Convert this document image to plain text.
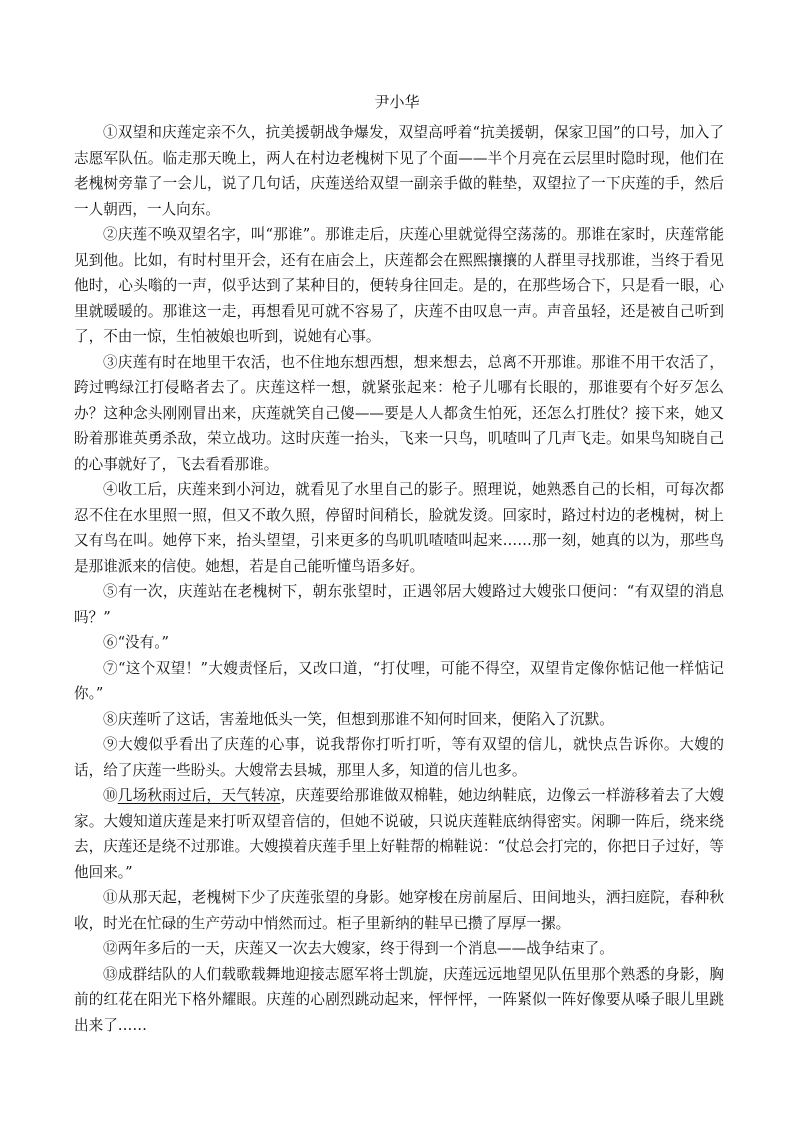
尹小华

①双望和庆莲定亲不久，抗美援朝战争爆发，双望高呼着“抗美援朝，保家卫国”的口号，加入了志愿军队伍。临走那天晚上，两人在村边老槐树下见了个面——半个月亮在云层里时隐时现，他们在老槐树旁靠了一会儿，说了几句话，庆莲送给双望一副亲手做的鞋垫，双望拉了一下庆莲的手，然后一人朝西，一人向东。

②庆莲不唤双望名字，叫“那谁”。那谁走后，庆莲心里就觉得空荡荡的。那谁在家时，庆莲常能见到他。比如，有时村里开会，还有在庙会上，庆莲都会在熙熙攘攘的人群里寻找那谁，当终于看见他时，心头嗡的一声，似乎达到了某种目的，便转身往回走。是的，在那些场合下，只是看一眼，心里就暖暖的。那谁这一走，再想看见可就不容易了，庆莲不由叹息一声。声音虽轻，还是被自己听到了，不由一惊，生怕被娘也听到，说她有心事。

③庆莲有时在地里干农活，也不住地东想西想，想来想去，总离不开那谁。那谁不用干农活了，跨过鸭绿江打侵略者去了。庆莲这样一想，就紧张起来：枪子儿哪有长眼的，那谁要有个好歹怎么办？这种念头刚刚冒出来，庆莲就笑自己傻——要是人人都贪生怕死，还怎么打胜仗？接下来，她又盼着那谁英勇杀敌，荣立战功。这时庆莲一抬头，飞来一只鸟，叽喳叫了几声飞走。如果鸟知晓自己的心事就好了，飞去看看那谁。

④收工后，庆莲来到小河边，就看见了水里自己的影子。照理说，她熟悉自己的长相，可每次都忍不住在水里照一照，但又不敢久照，停留时间稍长，脸就发烫。回家时，路过村边的老槐树，树上又有鸟在叫。她停下来，抬头望望，引来更多的鸟叽叽喳喳叫起来……那一刻，她真的以为，那些鸟是那谁派来的信使。她想，若是自己能听懂鸟语多好。

⑤有一次，庆莲站在老槐树下，朝东张望时，正遇邻居大嫂路过大嫂张口便问：“有双望的消息吗？”

⑥“没有。”

⑦“这个双望！”大嫂责怪后，又改口道，“打仗哩，可能不得空，双望肯定像你惦记他一样惦记你。”

⑧庆莲听了这话，害羞地低头一笑，但想到那谁不知何时回来，便陷入了沉默。

⑨大嫂似乎看出了庆莲的心事，说我帮你打听打听，等有双望的信儿，就快点告诉你。大嫂的话，给了庆莲一些盼头。大嫂常去县城，那里人多，知道的信儿也多。

⑩几场秋雨过后，天气转凉，庆莲要给那谁做双棉鞋，她边纳鞋底，边像云一样游移着去了大嫂家。大嫂知道庆莲是来打听双望音信的，但她不说破，只说庆莲鞋底纳得密实。闲聊一阵后，绕来绕去，庆莲还是绕不过那谁。大嫂摸着庆莲手里上好鞋帮的棉鞋说：“仗总会打完的，你把日子过好，等他回来。”

⑪从那天起，老槐树下少了庆莲张望的身影。她穿梭在房前屋后、田间地头，洒扫庭院，春种秋收，时光在忙碌的生产劳动中悄然而过。柜子里新纳的鞋早已攒了厚厚一摞。

⑫两年多后的一天，庆莲又一次去大嫂家，终于得到一个消息——战争结束了。

⑬成群结队的人们载歌载舞地迎接志愿军将士凯旋，庆莲远远地望见队伍里那个熟悉的身影，胸前的红花在阳光下格外耀眼。庆莲的心剧烈跳动起来，怦怦怦，一阵紧似一阵好像要从嗓子眼儿里跳出来了……
